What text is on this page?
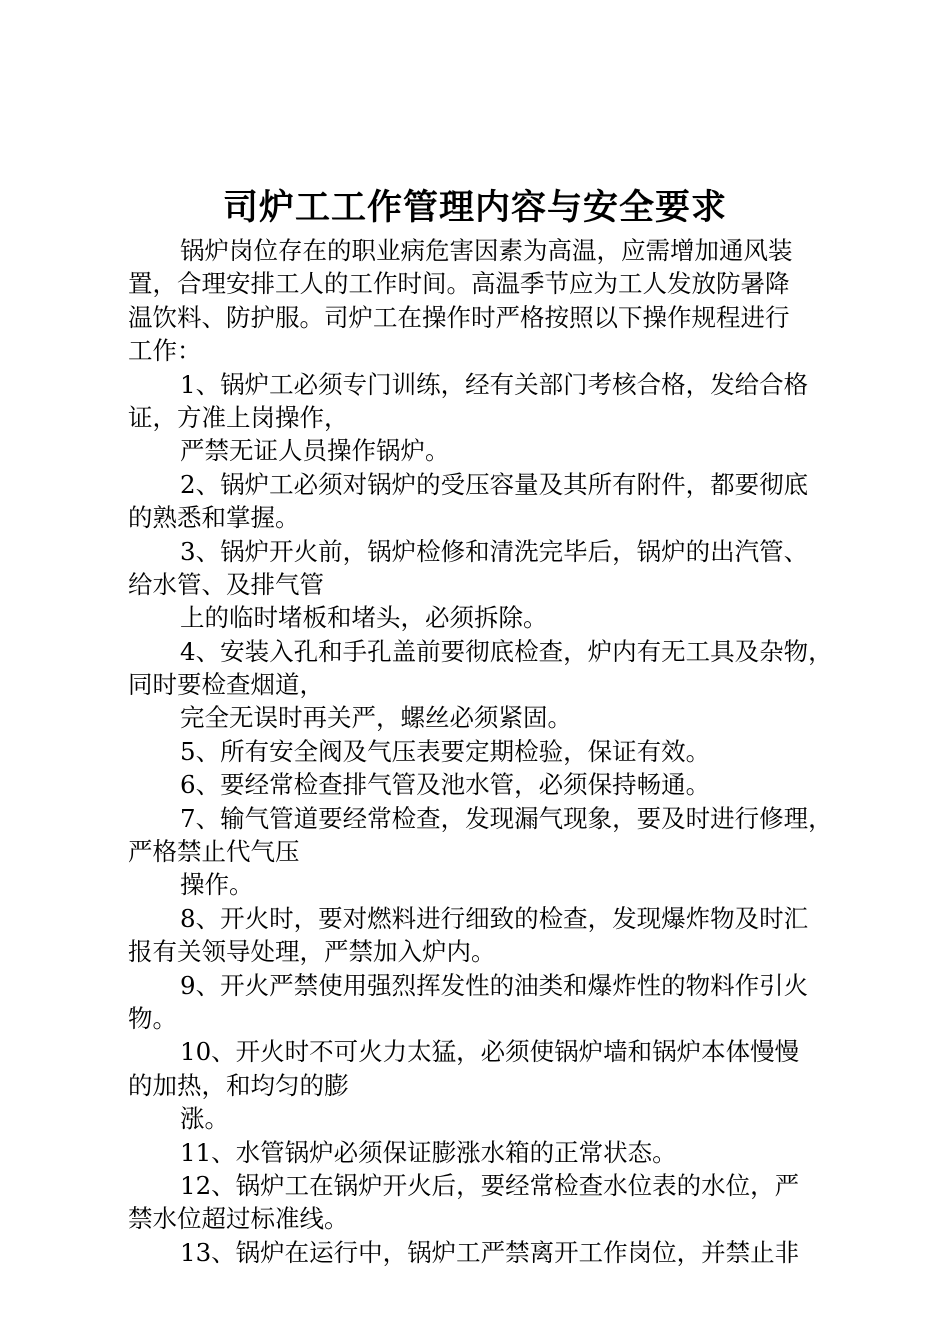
司炉工工作管理内容与安全要求
锅炉岗位存在的职业病危害因素为高温，应需增加通风装
置，合理安排工人的工作时间。高温季节应为工人发放防暑降
温饮料、防护服。司炉工在操作时严格按照以下操作规程进行
工作：
1、锅炉工必须专门训练，经有关部门考核合格，发给合格
证，方准上岗操作，
严禁无证人员操作锅炉。
2、锅炉工必须对锅炉的受压容量及其所有附件，都要彻底
的熟悉和掌握。
3、锅炉开火前，锅炉检修和清洗完毕后，锅炉的出汽管、
给水管、及排气管
上的临时堵板和堵头，必须拆除。
4、安装入孔和手孔盖前要彻底检查，炉内有无工具及杂物，
同时要检查烟道，
完全无误时再关严，螺丝必须紧固。
5、所有安全阀及气压表要定期检验，保证有效。
6、要经常检查排气管及池水管，必须保持畅通。
7、输气管道要经常检查，发现漏气现象，要及时进行修理，
严格禁止代气压
操作。
8、开火时，要对燃料进行细致的检查，发现爆炸物及时汇
报有关领导处理，严禁加入炉内。
9、开火严禁使用强烈挥发性的油类和爆炸性的物料作引火
物。
10、开火时不可火力太猛，必须使锅炉墙和锅炉本体慢慢
的加热，和均匀的膨
涨。
11、水管锅炉必须保证膨涨水箱的正常状态。
12、锅炉工在锅炉开火后，要经常检查水位表的水位，严
禁水位超过标准线。
13、锅炉在运行中，锅炉工严禁离开工作岗位，并禁止非
